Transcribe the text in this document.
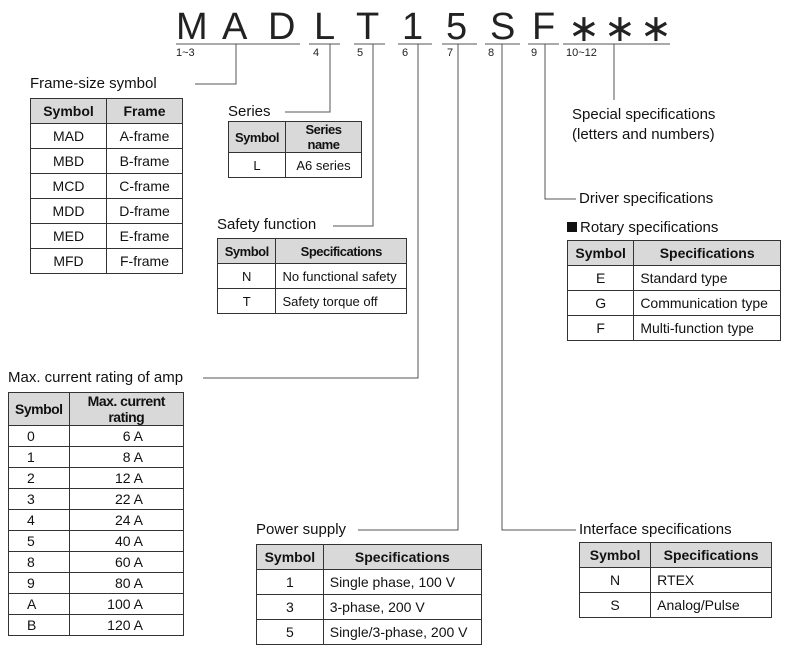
M A D L T 1 5 S F ∗ ∗ ∗
1~3	4	5	6	7	8	9	10~12
Frame-size symbol
Symbol	Frame
MAD	A-frame
MBD	B-frame
MCD	C-frame
MDD	D-frame
MED	E-frame
MFD	F-frame
Series
Symbol	Series name
L	A6 series
Safety function
Symbol	Specifications
N	No functional safety
T	Safety torque off
Max. current rating of amp
Symbol	Max. current rating
0	6 A
1	8 A
2	12 A
3	22 A
4	24 A
5	40 A
8	60 A
9	80 A
A	100 A
B	120 A
Power supply
Symbol	Specifications
1	Single phase, 100 V
3	3-phase, 200 V
5	Single/3-phase, 200 V
Interface specifications
Symbol	Specifications
N	RTEX
S	Analog/Pulse
Driver specifications
Rotary specifications
Symbol	Specifications
E	Standard type
G	Communication type
F	Multi-function type
Special specifications
(letters and numbers)
